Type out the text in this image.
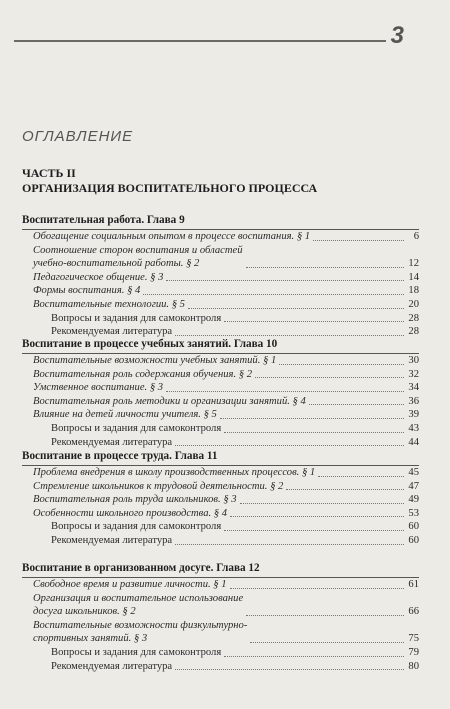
3
ОГЛАВЛЕНИЕ
ЧАСТЬ II
ОРГАНИЗАЦИЯ ВОСПИТАТЕЛЬНОГО ПРОЦЕССА
Воспитательная работа. Глава 9
Обогащение социальным опытом в процессе воспитания. § 1	6
Соотношение сторон воспитания и областей
учебно-воспитательной работы. § 2	12
Педагогическое общение. § 3	14
Формы воспитания. § 4	18
Воспитательные технологии. § 5	20
Вопросы и задания для самоконтроля	28
Рекомендуемая литература	28
Воспитание в процессе учебных занятий. Глава 10
Воспитательные возможности учебных занятий. § 1	30
Воспитательная роль содержания обучения. § 2	32
Умственное воспитание. § 3	34
Воспитательная роль методики и организации занятий. § 4	36
Влияние на детей личности учителя. § 5	39
Вопросы и задания для самоконтроля	43
Рекомендуемая литература	44
Воспитание в процессе труда. Глава 11
Проблема внедрения в школу производственных процессов. § 1	45
Стремление школьников к трудовой деятельности. § 2	47
Воспитательная роль труда школьников. § 3	49
Особенности школьного производства. § 4	53
Вопросы и задания для самоконтроля	60
Рекомендуемая литература	60
Воспитание в организованном досуге. Глава 12
Свободное время и развитие личности. § 1	61
Организация и воспитательное использование
досуга школьников. § 2	66
Воспитательные возможности физкультурно-
спортивных занятий. § 3	75
Вопросы и задания для самоконтроля	79
Рекомендуемая литература	80
